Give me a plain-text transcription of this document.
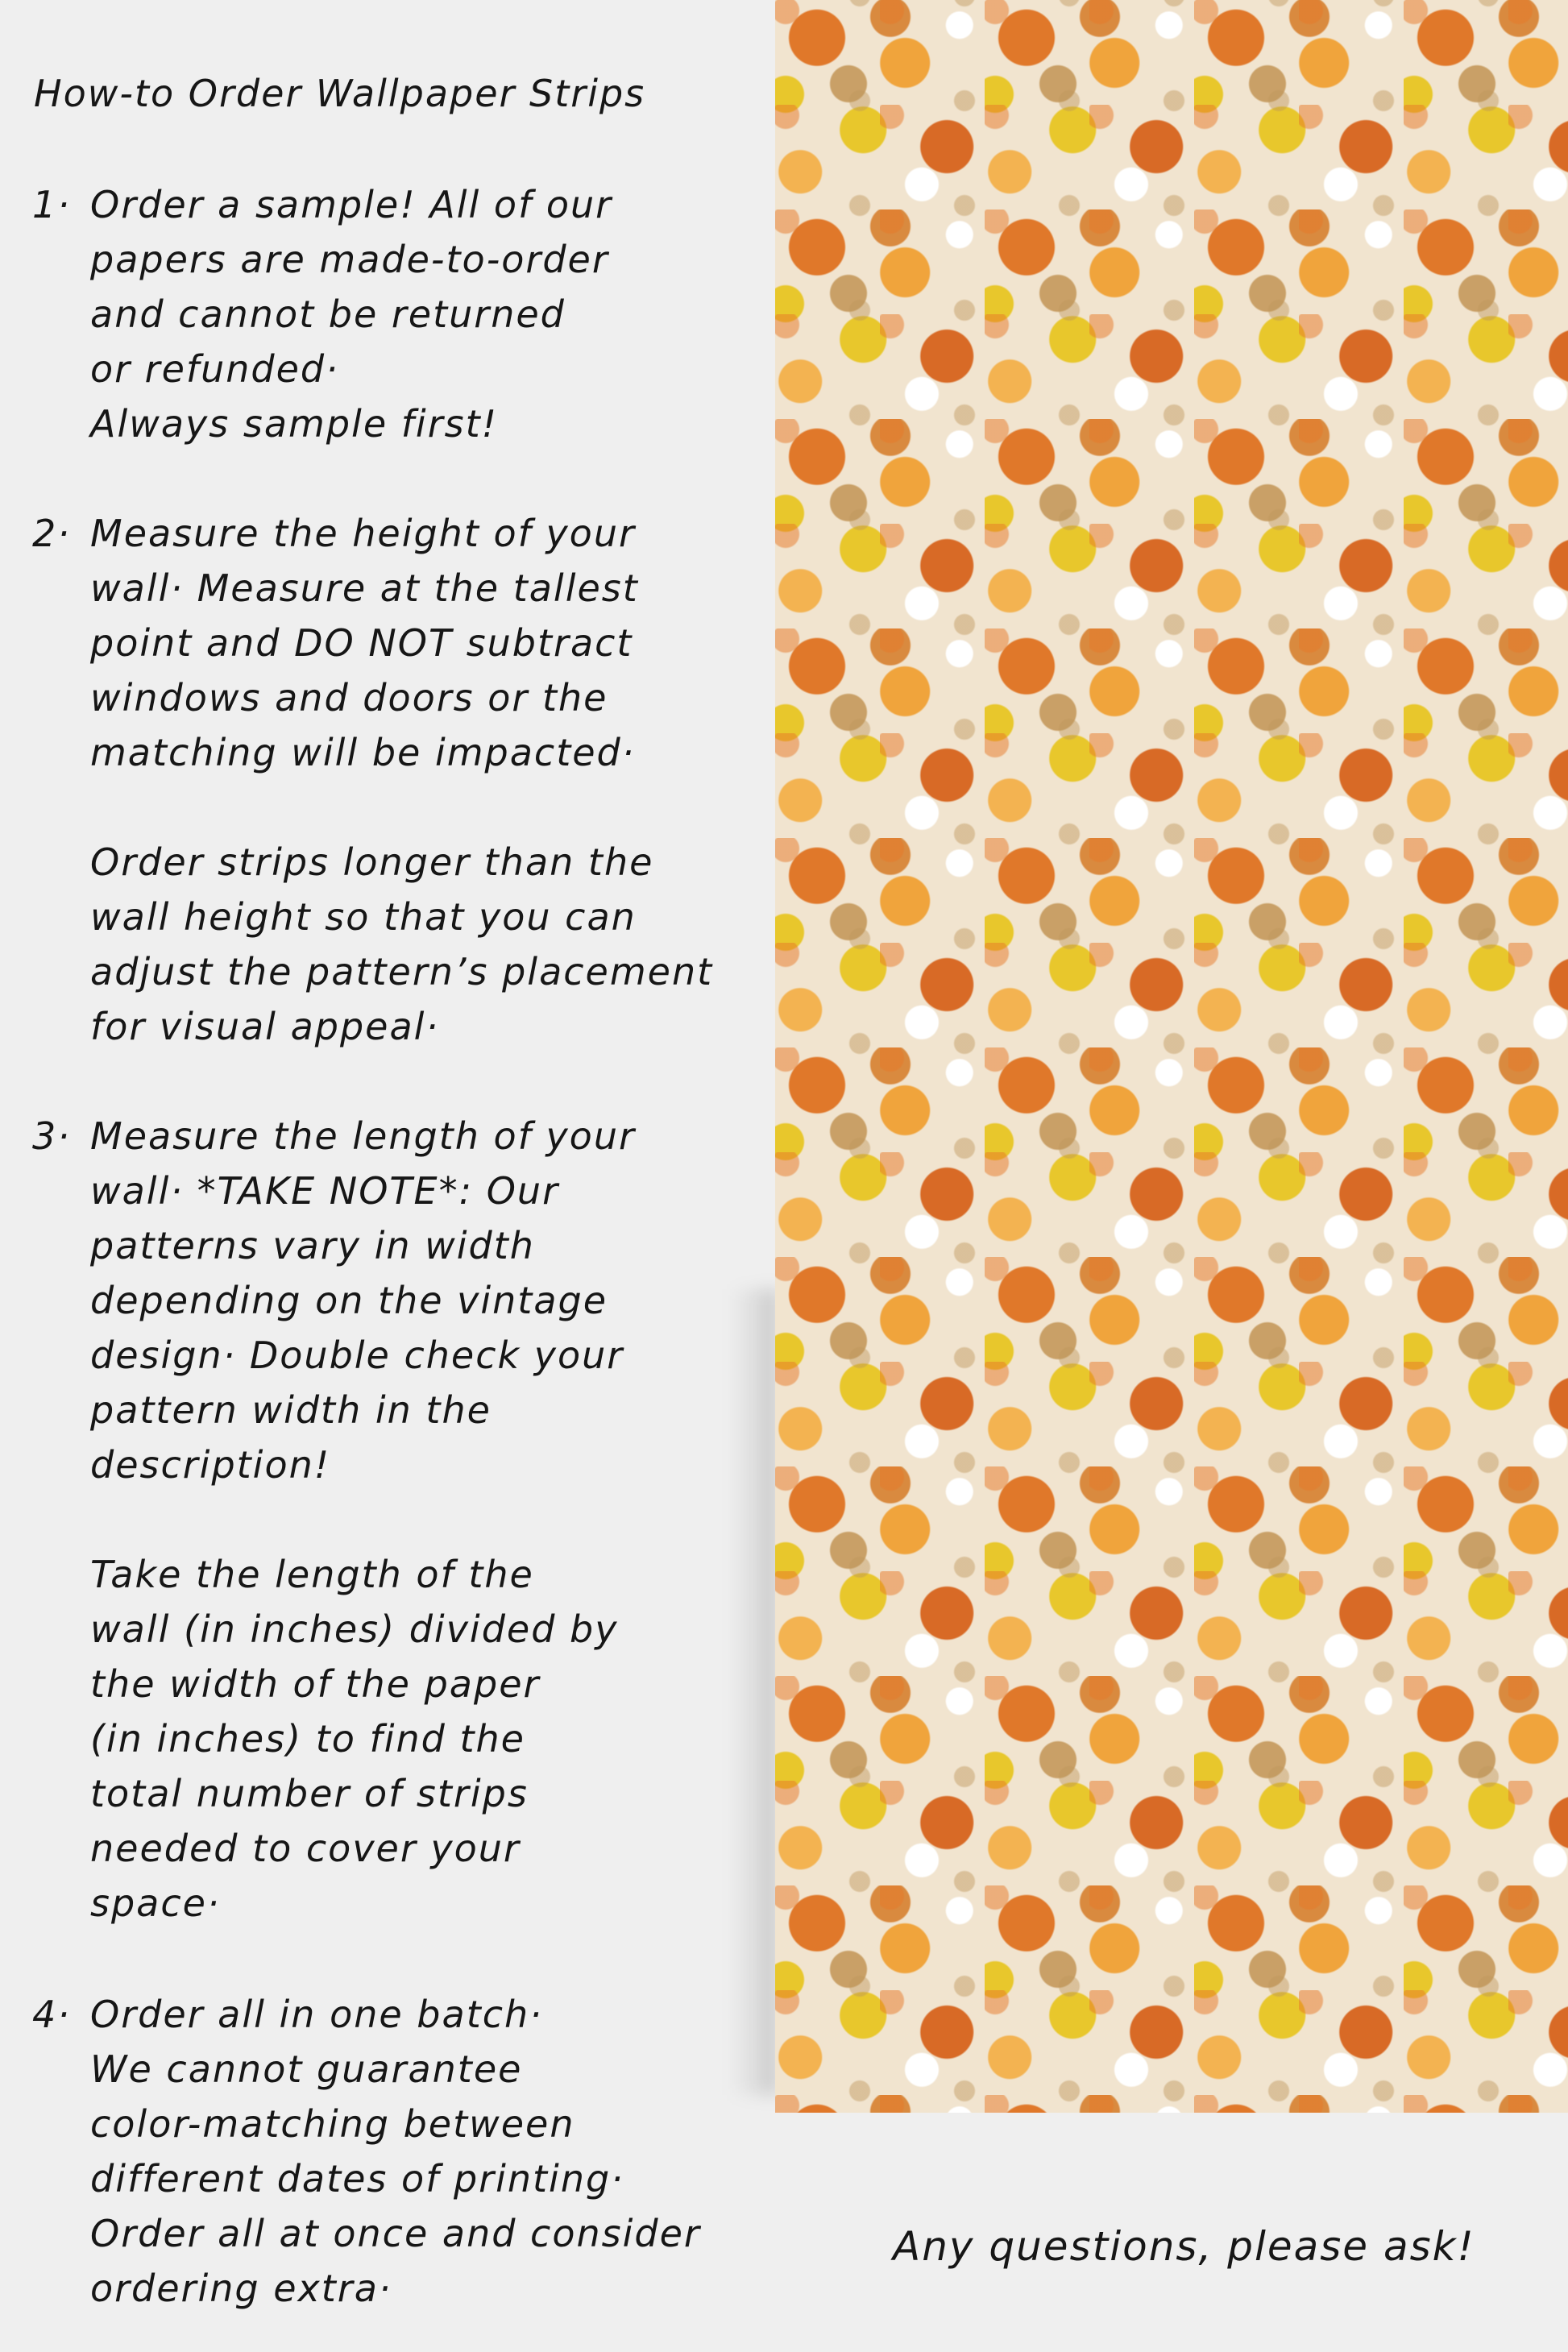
How-to Order Wallpaper Strips
1· Order a sample! All of our
papers are made-to-order
and cannot be returned
or refunded·
Always sample first!
2· Measure the height of your
wall· Measure at the tallest
point and DO NOT subtract
windows and doors or the
matching will be impacted·
Order strips longer than the
wall height so that you can
adjust the pattern’s placement
for visual appeal·
3· Measure the length of your
wall· *TAKE NOTE*: Our
patterns vary in width
depending on the vintage
design· Double check your
pattern width in the
description!
Take the length of the
wall (in inches) divided by
the width of the paper
(in inches) to find the
total number of strips
needed to cover your
space·
4· Order all in one batch·
We cannot guarantee
color-matching between
different dates of printing·
Order all at once and consider
ordering extra·
Any questions, please ask!
